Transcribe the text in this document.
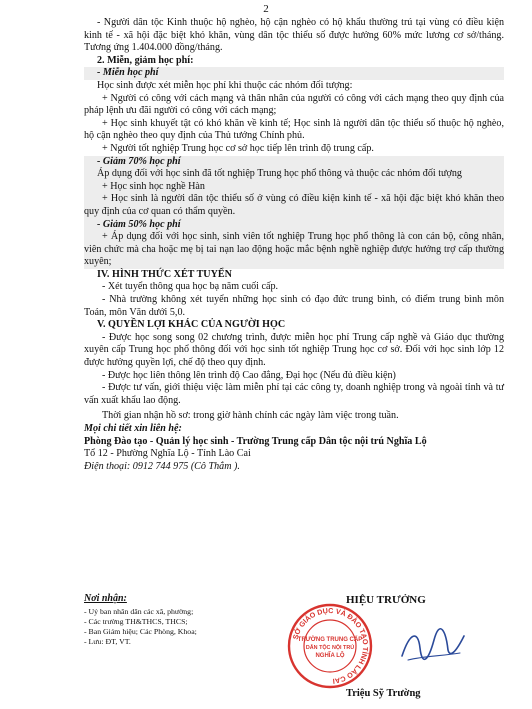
2

- Người dân tộc Kinh thuộc hộ nghèo, hộ cận nghèo có hộ khẩu thường trú tại vùng có điều kiện kinh tế - xã hội đặc biệt khó khăn, vùng dân tộc thiểu số được hưởng 60% mức lương cơ sở/tháng. Tương ứng 1.404.000 đồng/tháng.

2. Miễn, giảm học phí:

- Miễn học phí

Học sinh được xét miễn học phí khi thuộc các nhóm đối tượng:

+ Người có công với cách mạng và thân nhân của người có công với cách mạng theo quy định của pháp lệnh ưu đãi người có công với cách mạng;

+ Học sinh khuyết tật có khó khăn về kinh tế; Học sinh là người dân tộc thiểu số thuộc hộ nghèo, hộ cận nghèo theo quy định của Thủ tướng Chính phủ.

+ Người tốt nghiệp Trung học cơ sở học tiếp lên trình độ trung cấp.

- Giảm 70% học phí

Áp dụng đối với học sinh đã tốt nghiệp Trung học phổ thông và thuộc các nhóm đối tượng

+ Học sinh học nghề Hàn

+ Học sinh là người dân tộc thiểu số ở vùng có điều kiện kinh tế - xã hội đặc biệt khó khăn theo quy định của cơ quan có thẩm quyền.

- Giảm 50% học phí

+ Áp dụng đối với học sinh, sinh viên tốt nghiệp Trung học phổ thông là con cán bộ, công nhân, viên chức mà cha hoặc mẹ bị tai nạn lao động hoặc mắc bệnh nghề nghiệp được hưởng trợ cấp thường xuyên;

IV. HÌNH THỨC XÉT TUYỂN

- Xét tuyển thông qua học bạ năm cuối cấp.

- Nhà trường không xét tuyển những học sinh có đạo đức trung bình, có điểm trung bình môn Toán, môn Văn dưới 5,0.

V. QUYỀN LỢI KHÁC CỦA NGƯỜI HỌC

- Được học song song 02 chương trình, được miễn học phí Trung cấp nghề và Giáo dục thường xuyên cấp Trung học phổ thông đối với học sinh tốt nghiệp Trung học cơ sở. Đối với học sinh lớp 12 được hưởng quyền lợi, chế độ theo quy định.

- Được học liên thông lên trình độ Cao đẳng, Đại học (Nếu đủ điều kiện)

- Được tư vấn, giới thiệu việc làm miễn phí tại các công ty, doanh nghiệp trong và ngoài tỉnh và tư vấn xuất khẩu lao động.

Thời gian nhận hồ sơ: trong giờ hành chính các ngày làm việc trong tuần.

Mọi chi tiết xin liên hệ:

Phòng Đào tạo - Quản lý học sinh - Trường Trung cấp Dân tộc nội trú Nghĩa Lộ

Tổ 12 - Phường Nghĩa Lộ - Tỉnh Lào Cai

Điện thoại: 0912 744 975 (Cô Thắm ).

Nơi nhận:

- Uỷ ban nhân dân các xã, phường;

- Các trường TH&THCS, THCS;

- Ban Giám hiệu; Các Phòng, Khoa;

- Lưu: ĐT, VT.

HIỆU TRƯỞNG
SỞ GIÁO DỤC VÀ ĐÀO TẠO TỈNH LÀO CAI
TRƯỜNG TRUNG CẤP
DÂN TỘC NỘI TRÚ
NGHĨA LỘ
Triệu Sỹ Trường
